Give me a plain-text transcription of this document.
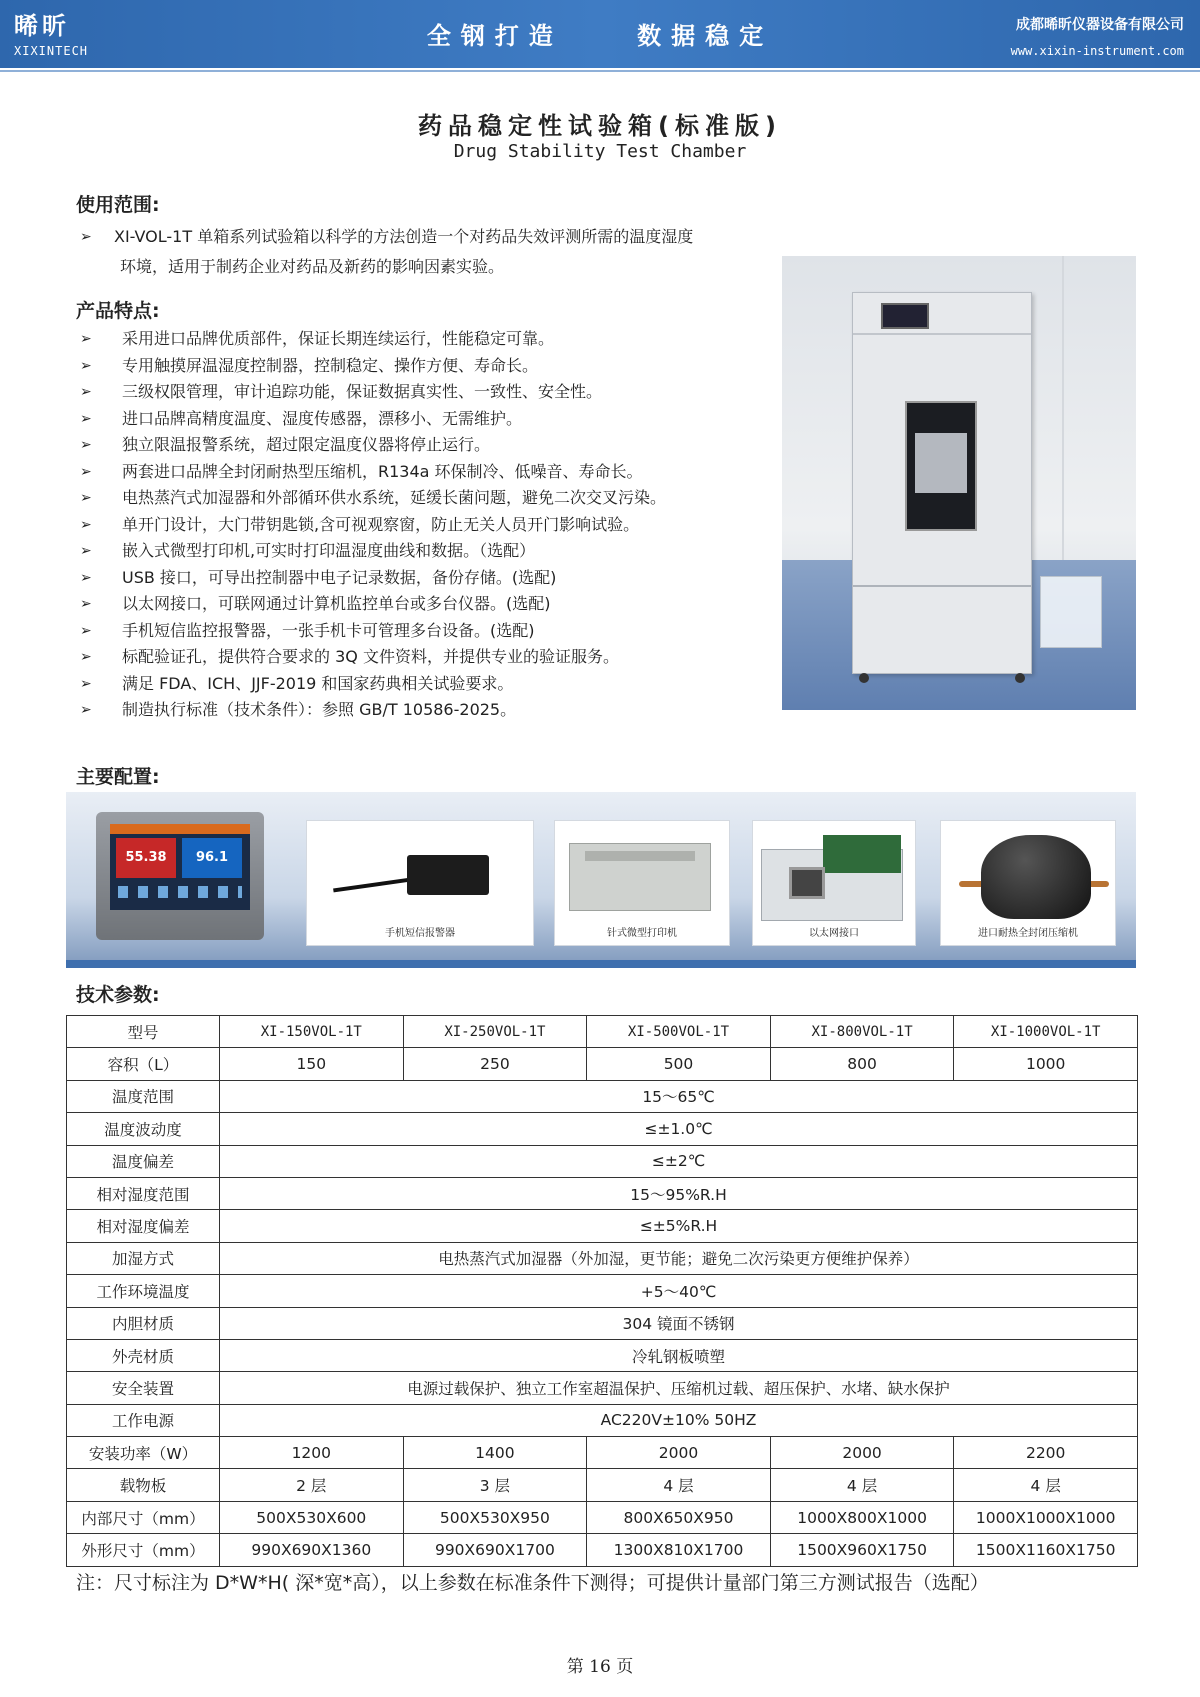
晞昕
XIXINTECH
全钢打造	数据稳定	成都晞昕仪器设备有限公司
www.xixin-instrument.com
药品稳定性试验箱(标准版)
Drug Stability Test Chamber
使用范围:
➢	XI-VOL-1T 单箱系列试验箱以科学的方法创造一个对药品失效评测所需的温度湿度
环境，适用于制药企业对药品及新药的影响因素实验。
产品特点:
➢ 采用进口品牌优质部件，保证长期连续运行，性能稳定可靠。
➢ 专用触摸屏温湿度控制器，控制稳定、操作方便、寿命长。
➢ 三级权限管理，审计追踪功能，保证数据真实性、一致性、安全性。
➢ 进口品牌高精度温度、湿度传感器，漂移小、无需维护。
➢ 独立限温报警系统，超过限定温度仪器将停止运行。
➢ 两套进口品牌全封闭耐热型压缩机，R134a 环保制冷、低噪音、寿命长。
➢ 电热蒸汽式加湿器和外部循环供水系统，延缓长菌问题，避免二次交叉污染。
➢ 单开门设计，大门带钥匙锁,含可视观察窗，防止无关人员开门影响试验。
➢ 嵌入式微型打印机,可实时打印温湿度曲线和数据。（选配）
➢ USB 接口，可导出控制器中电子记录数据，备份存储。(选配)
➢ 以太网接口，可联网通过计算机监控单台或多台仪器。(选配)
➢ 手机短信监控报警器，一张手机卡可管理多台设备。(选配)
➢ 标配验证孔，提供符合要求的 3Q 文件资料，并提供专业的验证服务。
➢ 满足 FDA、ICH、JJF-2019 和国家药典相关试验要求。
➢ 制造执行标准（技术条件）：参照 GB/T 10586-2025。
主要配置:
55.38	96.1
手机短信报警器	针式微型打印机	以太网接口	进口耐热全封闭压缩机
技术参数:
型号	XI-150VOL-1T	XI-250VOL-1T	XI-500VOL-1T	XI-800VOL-1T	XI-1000VOL-1T
容积（L）	150	250	500	800	1000
温度范围	15～65℃				
温度波动度	≤±1.0℃				
温度偏差	≤±2℃				
相对湿度范围	15～95%R.H				
相对湿度偏差	≤±5%R.H				
加湿方式	电热蒸汽式加湿器（外加湿，更节能；避免二次污染更方便维护保养）				
工作环境温度	+5～40℃				
内胆材质	304 镜面不锈钢				
外壳材质	冷轧钢板喷塑				
安全装置	电源过载保护、独立工作室超温保护、压缩机过载、超压保护、水堵、缺水保护				
工作电源	AC220V±10% 50HZ				
安装功率（W）	1200	1400	2000	2000	2200
载物板	2 层	3 层	4 层	4 层	4 层
内部尺寸（mm）	500X530X600	500X530X950	800X650X950	1000X800X1000	1000X1000X1000
外形尺寸（mm）	990X690X1360	990X690X1700	1300X810X1700	1500X960X1750	1500X1160X1750
注：尺寸标注为 D*W*H( 深*宽*高），以上参数在标准条件下测得；可提供计量部门第三方测试报告（选配）
第 16 页
